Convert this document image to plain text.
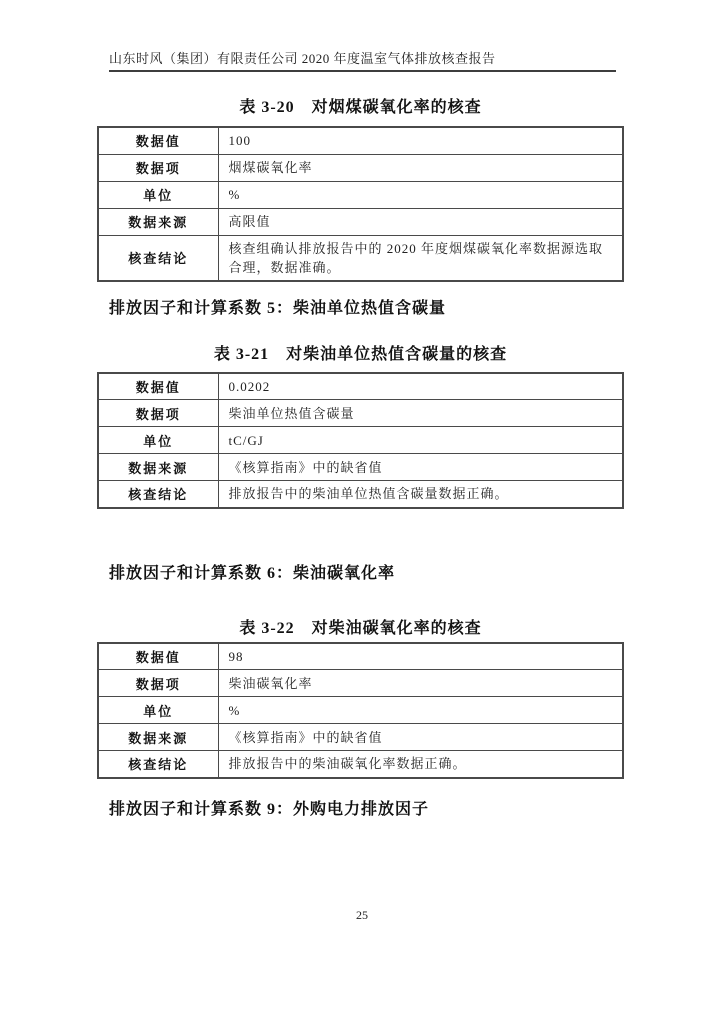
山东时风（集团）有限责任公司 2020 年度温室气体排放核查报告
表 3-20　对烟煤碳氧化率的核查
数据值	100
数据项	烟煤碳氧化率
单位	%
数据来源	高限值
核查结论	核查组确认排放报告中的 2020 年度烟煤碳氧化率数据源选取合理，数据准确。
排放因子和计算系数 5：柴油单位热值含碳量
表 3-21　对柴油单位热值含碳量的核查
数据值	0.0202
数据项	柴油单位热值含碳量
单位	tC/GJ
数据来源	《核算指南》中的缺省值
核查结论	排放报告中的柴油单位热值含碳量数据正确。
排放因子和计算系数 6：柴油碳氧化率
表 3-22　对柴油碳氧化率的核查
数据值	98
数据项	柴油碳氧化率
单位	%
数据来源	《核算指南》中的缺省值
核查结论	排放报告中的柴油碳氧化率数据正确。
排放因子和计算系数 9：外购电力排放因子
25
